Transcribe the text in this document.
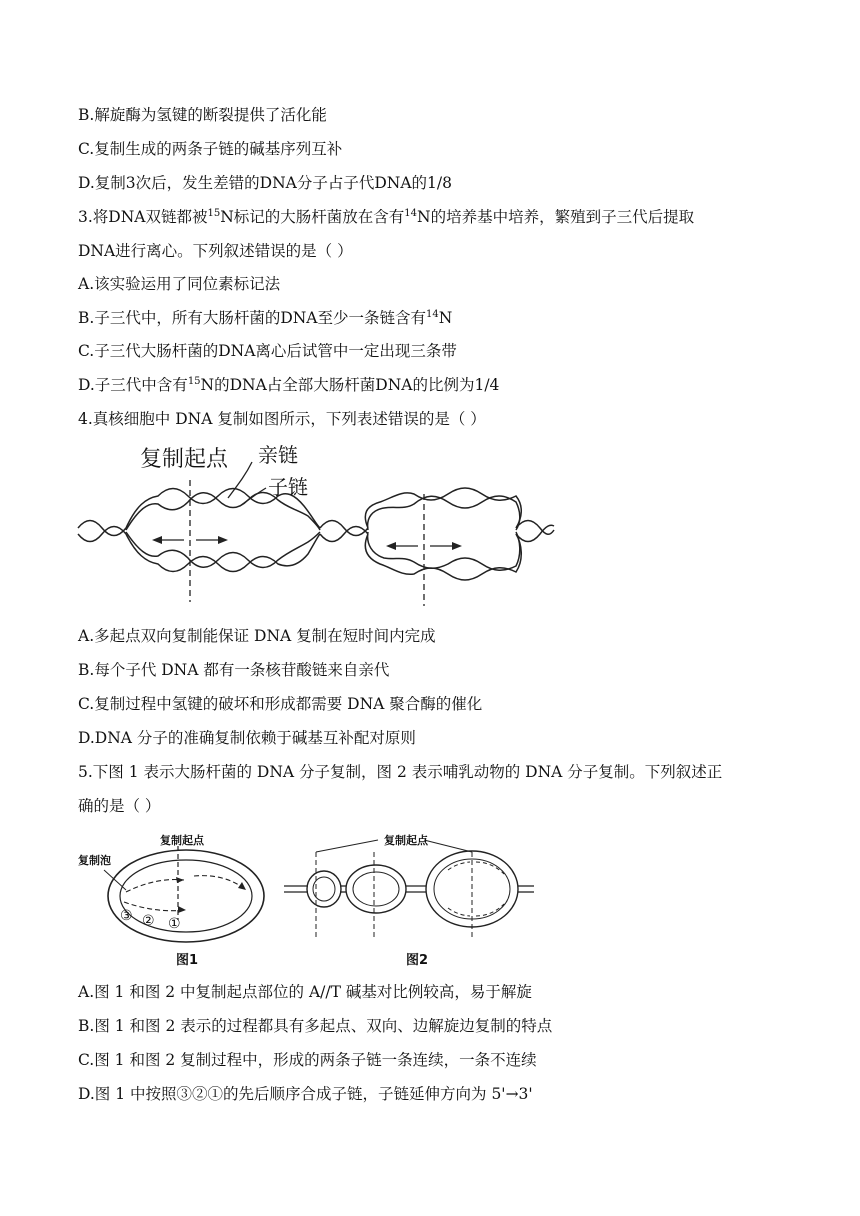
B.解旋酶为氢键的断裂提供了活化能
C.复制生成的两条子链的碱基序列互补
D.复制3次后，发生差错的DNA分子占子代DNA的1/8
3.将DNA双链都被$^{15}$N标记的大肠杆菌放在含有$^{14}$N的培养基中培养，繁殖到子三代后提取
DNA进行离心。下列叙述错误的是（ ）
A.该实验运用了同位素标记法
B.子三代中，所有大肠杆菌的DNA至少一条链含有$^{14}$N
C.子三代大肠杆菌的DNA离心后试管中一定出现三条带
D.子三代中含有$^{15}$N的DNA占全部大肠杆菌DNA的比例为1/4
4.真核细胞中 DNA 复制如图所示，下列表述错误的是（ ）
复制起点 亲链
子链
A.多起点双向复制能保证 DNA 复制在短时间内完成
B.每个子代 DNA 都有一条核苷酸链来自亲代
C.复制过程中氢键的破坏和形成都需要 DNA 聚合酶的催化
D.DNA 分子的准确复制依赖于碱基互补配对原则
5.下图 1 表示大肠杆菌的 DNA 分子复制，图 2 表示哺乳动物的 DNA 分子复制。下列叙述正
确的是（ ）
复制起点
复制泡
③ ② ①
图1
复制起点
图2
A.图 1 和图 2 中复制起点部位的 A//T 碱基对比例较高，易于解旋
B.图 1 和图 2 表示的过程都具有多起点、双向、边解旋边复制的特点
C.图 1 和图 2 复制过程中，形成的两条子链一条连续，一条不连续
D.图 1 中按照③②①的先后顺序合成子链，子链延伸方向为 5'→3'
